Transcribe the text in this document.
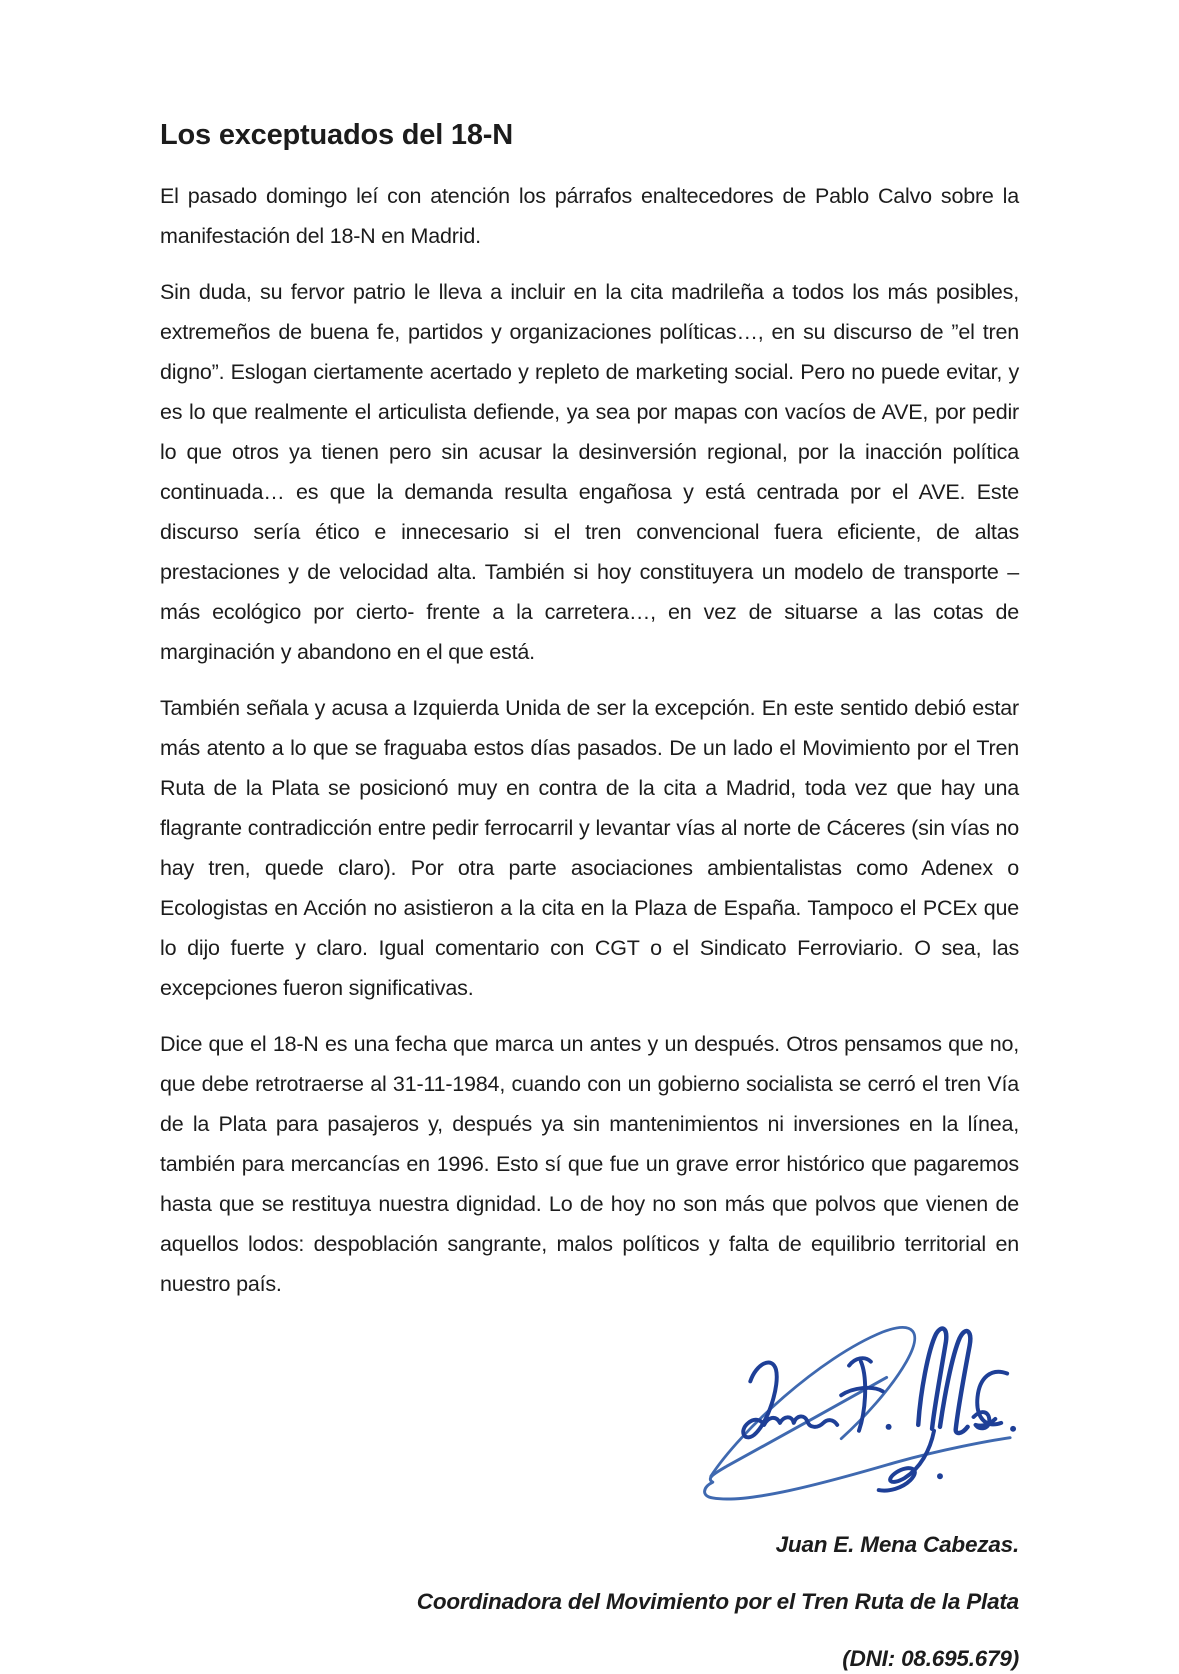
Los exceptuados del 18-N

El pasado domingo leí con atención los párrafos enaltecedores de Pablo Calvo sobre la manifestación del 18-N en Madrid.

Sin duda, su fervor patrio le lleva a incluir en la cita madrileña a todos los más posibles, extremeños de buena fe, partidos y organizaciones políticas…, en su discurso de ”el tren digno”. Eslogan ciertamente acertado y repleto de marketing social. Pero no puede evitar, y es lo que realmente el articulista defiende, ya sea por mapas con vacíos de AVE, por pedir lo que otros ya tienen pero sin acusar la desinversión regional, por la inacción política continuada… es que la demanda resulta engañosa y está centrada por el AVE. Este discurso sería ético e innecesario si el tren convencional fuera eficiente, de altas prestaciones y de velocidad alta. También si hoy constituyera un modelo de transporte –más ecológico por cierto- frente a la carretera…, en vez de situarse a las cotas de marginación y abandono en el que está.

También señala y acusa a Izquierda Unida de ser la excepción. En este sentido debió estar más atento a lo que se fraguaba estos días pasados. De un lado el Movimiento por el Tren Ruta de la Plata se posicionó muy en contra de la cita a Madrid, toda vez que hay una flagrante contradicción entre pedir ferrocarril y levantar vías al norte de Cáceres (sin vías no hay tren, quede claro). Por otra parte asociaciones ambientalistas como Adenex o Ecologistas en Acción no asistieron a la cita en la Plaza de España. Tampoco el PCEx que lo dijo fuerte y claro. Igual comentario con CGT o el Sindicato Ferroviario. O sea, las excepciones fueron significativas.

Dice que el 18-N es una fecha que marca un antes y un después. Otros pensamos que no, que debe retrotraerse al 31-11-1984, cuando con un gobierno socialista se cerró el tren Vía de la Plata para pasajeros y, después ya sin mantenimientos ni inversiones en la línea, también para mercancías en 1996. Esto sí que fue un grave error histórico que pagaremos hasta que se restituya nuestra dignidad. Lo de hoy no son más que polvos que vienen de aquellos lodos: despoblación sangrante, malos políticos y falta de equilibrio territorial en nuestro país.

Juan E. Mena Cabezas.

Coordinadora del Movimiento por el Tren Ruta de la Plata

(DNI: 08.695.679)
